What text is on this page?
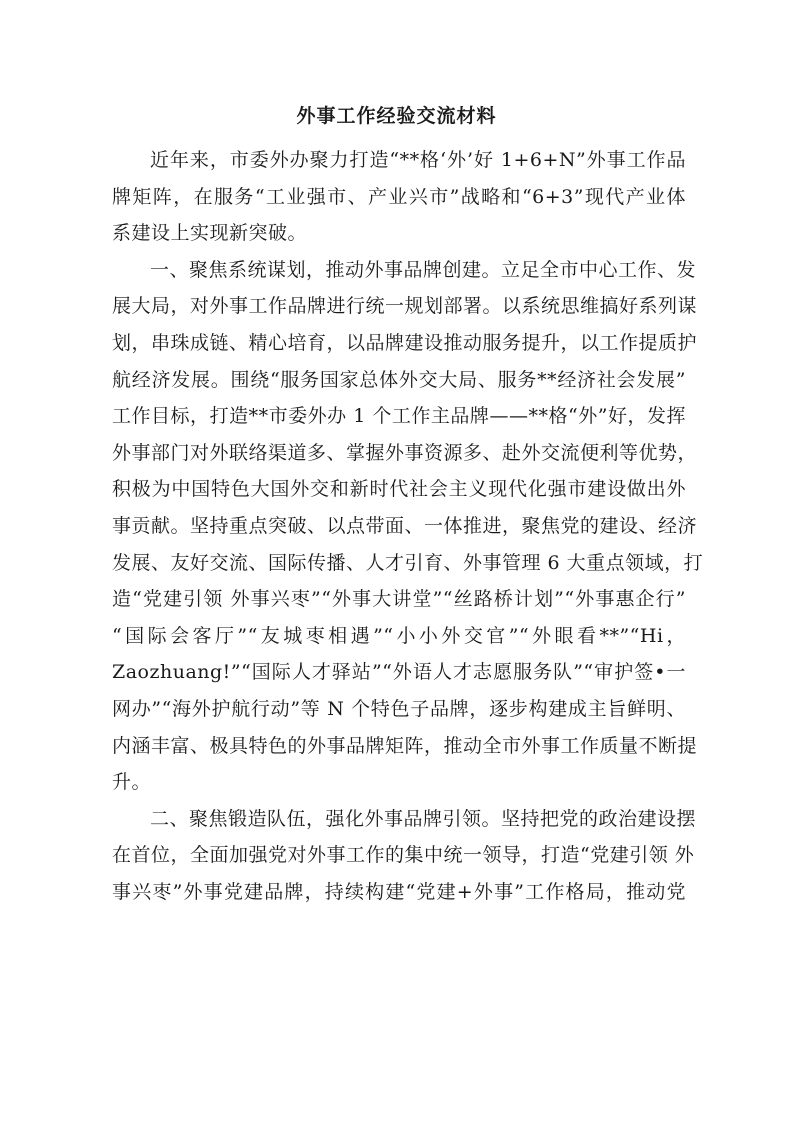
外事工作经验交流材料
近年来，市委外办聚力打造“**格‘外’好 1+6+N”外事工作品
牌矩阵，在服务“工业强市、产业兴市”战略和“6+3”现代产业体
系建设上实现新突破。
一、聚焦系统谋划，推动外事品牌创建。立足全市中心工作、发
展大局，对外事工作品牌进行统一规划部署。以系统思维搞好系列谋
划，串珠成链、精心培育，以品牌建设推动服务提升，以工作提质护
航经济发展。围绕“服务国家总体外交大局、服务**经济社会发展”
工作目标，打造**市委外办 1 个工作主品牌——**格“外”好，发挥
外事部门对外联络渠道多、掌握外事资源多、赴外交流便利等优势，
积极为中国特色大国外交和新时代社会主义现代化强市建设做出外
事贡献。坚持重点突破、以点带面、一体推进，聚焦党的建设、经济
发展、友好交流、国际传播、人才引育、外事管理 6 大重点领域，打
造“党建引领 外事兴枣”“外事大讲堂”“丝路桥计划”“外事惠企行”
“国际会客厅”“友城枣相遇”“小小外交官”“外眼看**”“Hi，
Zaozhuang!”“国际人才驿站”“外语人才志愿服务队”“审护签•一
网办”“海外护航行动”等 N 个特色子品牌，逐步构建成主旨鲜明、
内涵丰富、极具特色的外事品牌矩阵，推动全市外事工作质量不断提
升。
二、聚焦锻造队伍，强化外事品牌引领。坚持把党的政治建设摆
在首位，全面加强党对外事工作的集中统一领导，打造“党建引领 外
事兴枣”外事党建品牌，持续构建“党建+外事”工作格局，推动党
